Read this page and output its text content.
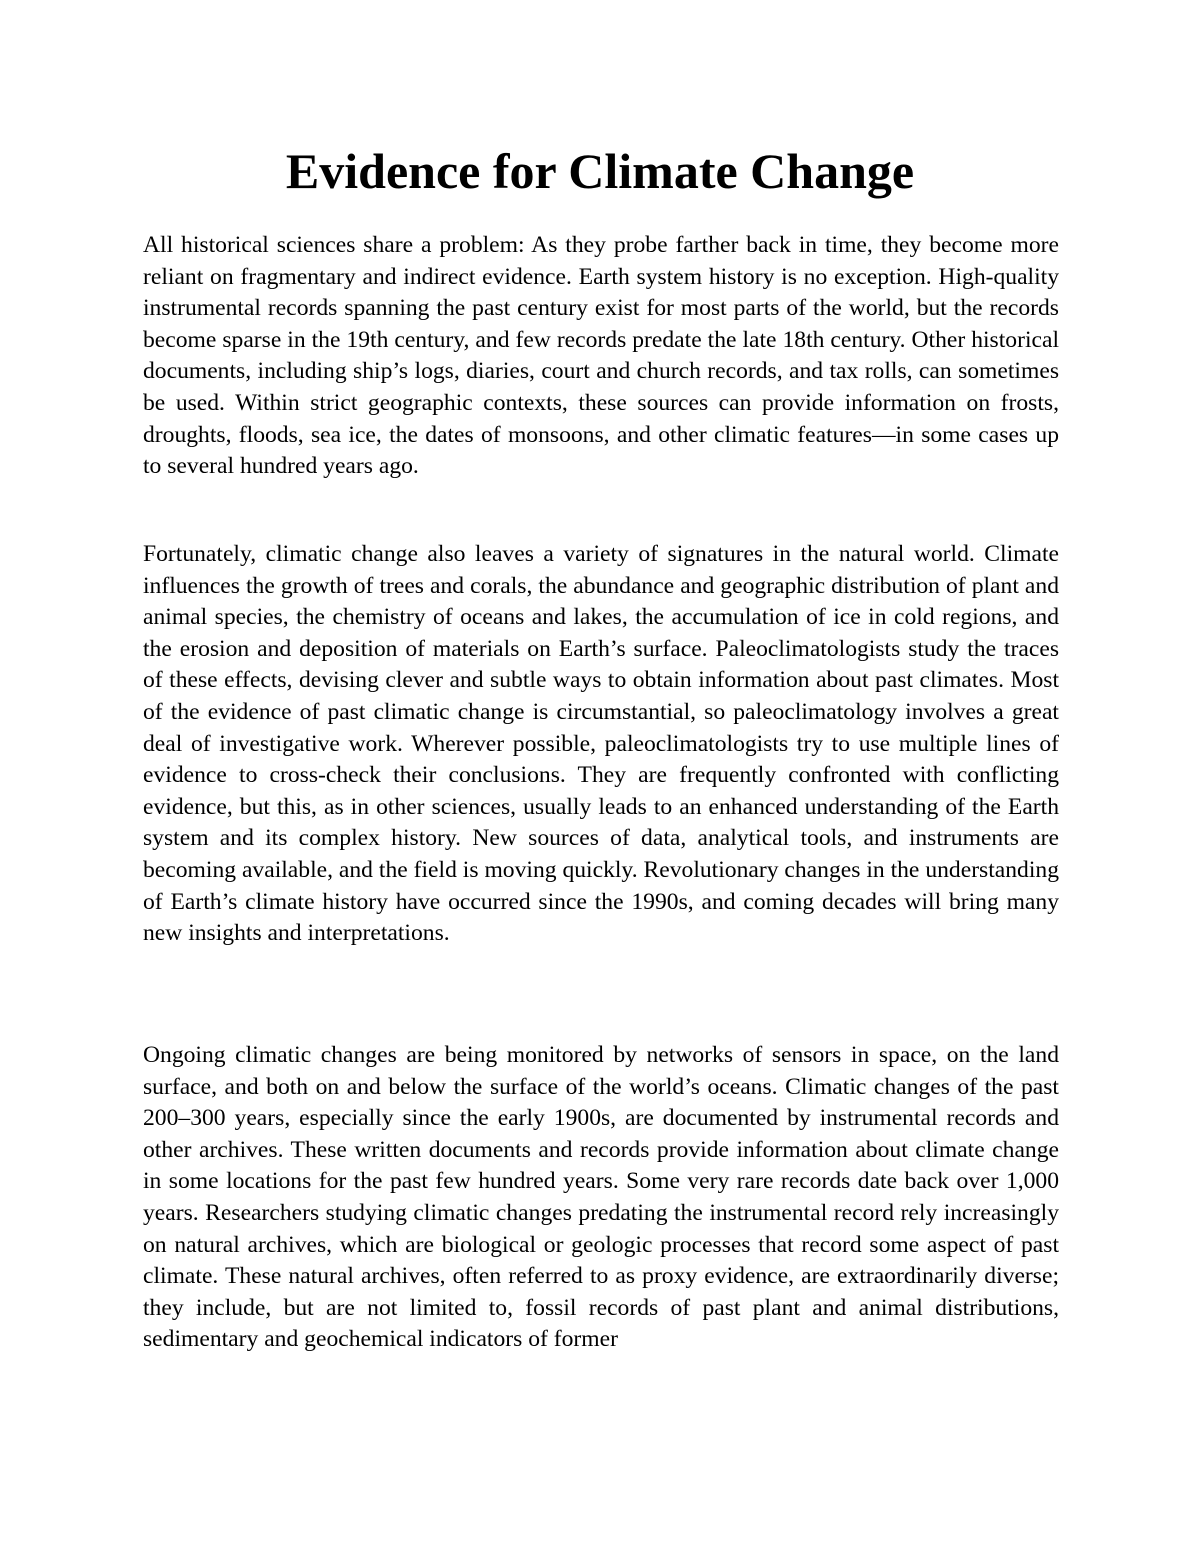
Evidence for Climate Change

All historical sciences share a problem: As they probe farther back in time, they become more reliant on fragmentary and indirect evidence. Earth system history is no exception. High-quality instrumental records spanning the past century exist for most parts of the world, but the records become sparse in the 19th century, and few records predate the late 18th century. Other historical documents, including ship’s logs, diaries, court and church records, and tax rolls, can sometimes be used. Within strict geographic contexts, these sources can provide information on frosts, droughts, floods, sea ice, the dates of monsoons, and other climatic features—in some cases up to several hundred years ago.

Fortunately, climatic change also leaves a variety of signatures in the natural world. Climate influences the growth of trees and corals, the abundance and geographic distribution of plant and animal species, the chemistry of oceans and lakes, the accumulation of ice in cold regions, and the erosion and deposition of materials on Earth’s surface. Paleoclimatologists study the traces of these effects, devising clever and subtle ways to obtain information about past climates. Most of the evidence of past climatic change is circumstantial, so paleoclimatology involves a great deal of investigative work. Wherever possible, paleoclimatologists try to use multiple lines of evidence to cross-check their conclusions. They are frequently confronted with conflicting evidence, but this, as in other sciences, usually leads to an enhanced understanding of the Earth system and its complex history. New sources of data, analytical tools, and instruments are becoming available, and the field is moving quickly. Revolutionary changes in the understanding of Earth’s climate history have occurred since the 1990s, and coming decades will bring many new insights and interpretations.

Ongoing climatic changes are being monitored by networks of sensors in space, on the land surface, and both on and below the surface of the world’s oceans. Climatic changes of the past 200–300 years, especially since the early 1900s, are documented by instrumental records and other archives. These written documents and records provide information about climate change in some locations for the past few hundred years. Some very rare records date back over 1,000 years. Researchers studying climatic changes predating the instrumental record rely increasingly on natural archives, which are biological or geologic processes that record some aspect of past climate. These natural archives, often referred to as proxy evidence, are extraordinarily diverse; they include, but are not limited to, fossil records of past plant and animal distributions, sedimentary and geochemical indicators of former
